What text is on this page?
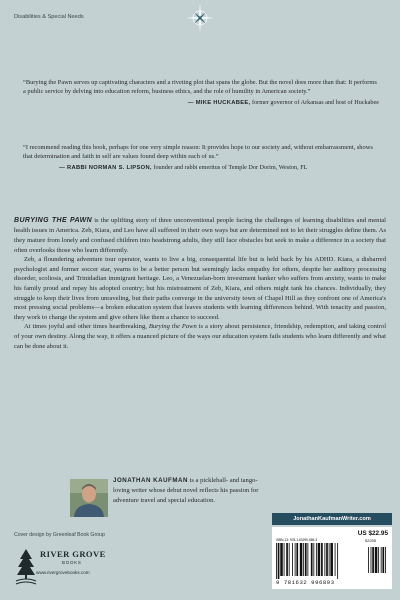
Disabilities & Special Needs
“Burying the Pawn serves up captivating characters and a riveting plot that spans the globe. But the novel does more than that: It performs a public service by delving into education reform, business ethics, and the role of humility in American society.”
— MIKE HUCKABEE, former governor of Arkansas and host of Huckabee
“I recommend reading this book, perhaps for one very simple reason: It provides hope to our society and, without embarrassment, shows that determination and faith in self are values found deep within each of us.”
— RABBI NORMAN S. LIPSON, founder and rabbi emeritus of Temple Dor Dorim, Weston, FL

BURYING THE PAWN is the uplifting story of three unconventional people facing the challenges of learning disabilities and mental health issues in America. Zeb, Kiara, and Leo have all suffered in their own ways but are determined not to let their struggles define them. As they mature from lonely and confused children into headstrong adults, they still face obstacles but seek to make a difference in a society that often overlooks those who learn differently.

Zeb, a floundering adventure tour operator, wants to live a big, consequential life but is held back by his ADHD. Kiara, a disbarred psychologist and former soccer star, yearns to be a better person but seemingly lacks empathy for others, despite her auditory processing disorder, scoliosis, and Trinidadian immigrant heritage. Leo, a Venezuelan-born investment banker who suffers from anxiety, wants to make his family proud and repay his adopted country; but his mistreatment of Zeb, Kiara, and others might tank his chances. Individually, they struggle to keep their lives from unraveling, but their paths converge in the university town of Chapel Hill as they confront one of America's most pressing social problems—a broken education system that leaves students with learning differences behind. With tenacity and passion, they work to change the system and give others like them a chance to succeed.

At times joyful and other times heartbreaking, Burying the Pawn is a story about persistence, friendship, redemption, and taking control of your own destiny. Along the way, it offers a nuanced picture of the ways our education system fails students who learn differently and what can be done about it.

JONATHAN KAUFMAN is a pickleball- and tango-loving writer whose debut novel reflects his passion for adventure travel and special education.
Cover design by Greenleaf Book Group
RIVER GROVE
BOOKS
www.rivergrovebooks.com
JonathanKaufmanWriter.com
US $22.95
ISBN-13: 978-1-63299-685-3	52295
9 781632 996893
